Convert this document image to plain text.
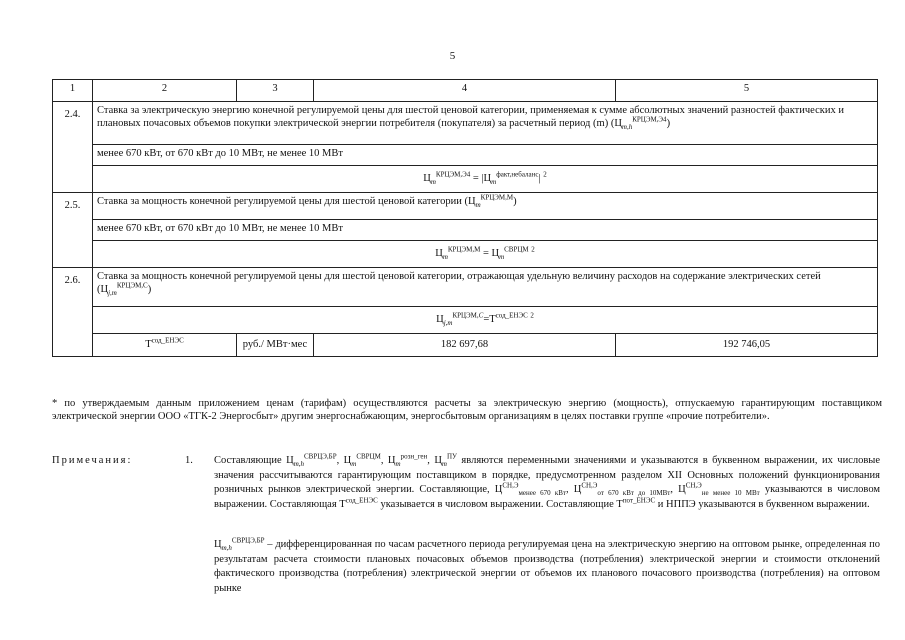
5
1	2	3	4	5
2.4.	Ставка за электрическую энергию конечной регулируемой цены для шестой ценовой категории, применяемая к сумме абсолютных значений разностей фактических и плановых почасовых объемов покупки электрической энергии потребителя (покупателя) за расчетный период (m) $(Ц_{m,h}^{КРЦЭМ,Э4})$			
	менее 670 кВт, от 670 кВт до 10 МВт, не менее 10 МВт			
	$Ц_m^{КРЦЭМ,Э4} = |Ц_m^{факт,небаланс}|$ $^2$
2.5.	Ставка за мощность конечной регулируемой цены для шестой ценовой категории $(Ц_m^{КРЦЭМ,М})$			
	менее 670 кВт, от 670 кВт до 10 МВт, не менее 10 МВт			
	$Ц_m^{КРЦЭМ,М} = Ц_m^{СВРЦМ}$ $^2$
2.6.	Ставка за мощность конечной регулируемой цены для шестой ценовой категории, отражающая удельную величину расходов на содержание электрических сетей $(Ц_{j,m}^{КРЦЭМ,С})$			
	$Ц_{j,m}^{КРЦЭМ,С}=Т^{сод\_ЕНЭС}$ $^2$
	$Т^{сод\_ЕНЭС}$	руб./ МВт·мес	182 697,68	192 746,05
* по утверждаемым данным приложением ценам (тарифам) осуществляются расчеты за электрическую энергию (мощность), отпускаемую гарантирующим поставщиком электрической энергии ООО «ТГК-2 Энергосбыт» другим энергоснабжающим, энергосбытовым организациям в целях поставки группе «прочие потребители».
Примечания:	1. Составляющие $Ц_{m,h}^{СВРЦЭ,БР}$, $Ц_m^{СВРЦМ}$, $Ц_m^{розн\_ген}$, $Ц_m^{ПУ}$ являются переменными значениями и указываются в буквенном выражении, их числовые значения рассчитываются гарантирующим поставщиком в порядке, предусмотренном разделом XII Основных положений функционирования розничных рынков электрической энергии. Составляющие, $Ц^{СН,Э}_{менее 670 кВт}$, $Ц^{СН,Э}_{от 670 кВт до 10МВт}$, $Ц^{СН,Э}_{не менее 10 МВт}$ указываются в числовом выражении. Составляющая $Т^{сод\_ЕНЭС}$ указывается в числовом выражении. Составляющие $Т^{пот\_ЕНЭС}$ и НППЭ указываются в буквенном выражении.
$Ц_{m,h}^{СВРЦЭ,БР}$ – дифференцированная по часам расчетного периода регулируемая цена на электрическую энергию на оптовом рынке, определенная по результатам расчета стоимости плановых почасовых объемов производства (потребления) электрической энергии и стоимости отклонений фактического производства (потребления) электрической энергии от объемов их планового почасового производства (потребления) на оптовом рынке
